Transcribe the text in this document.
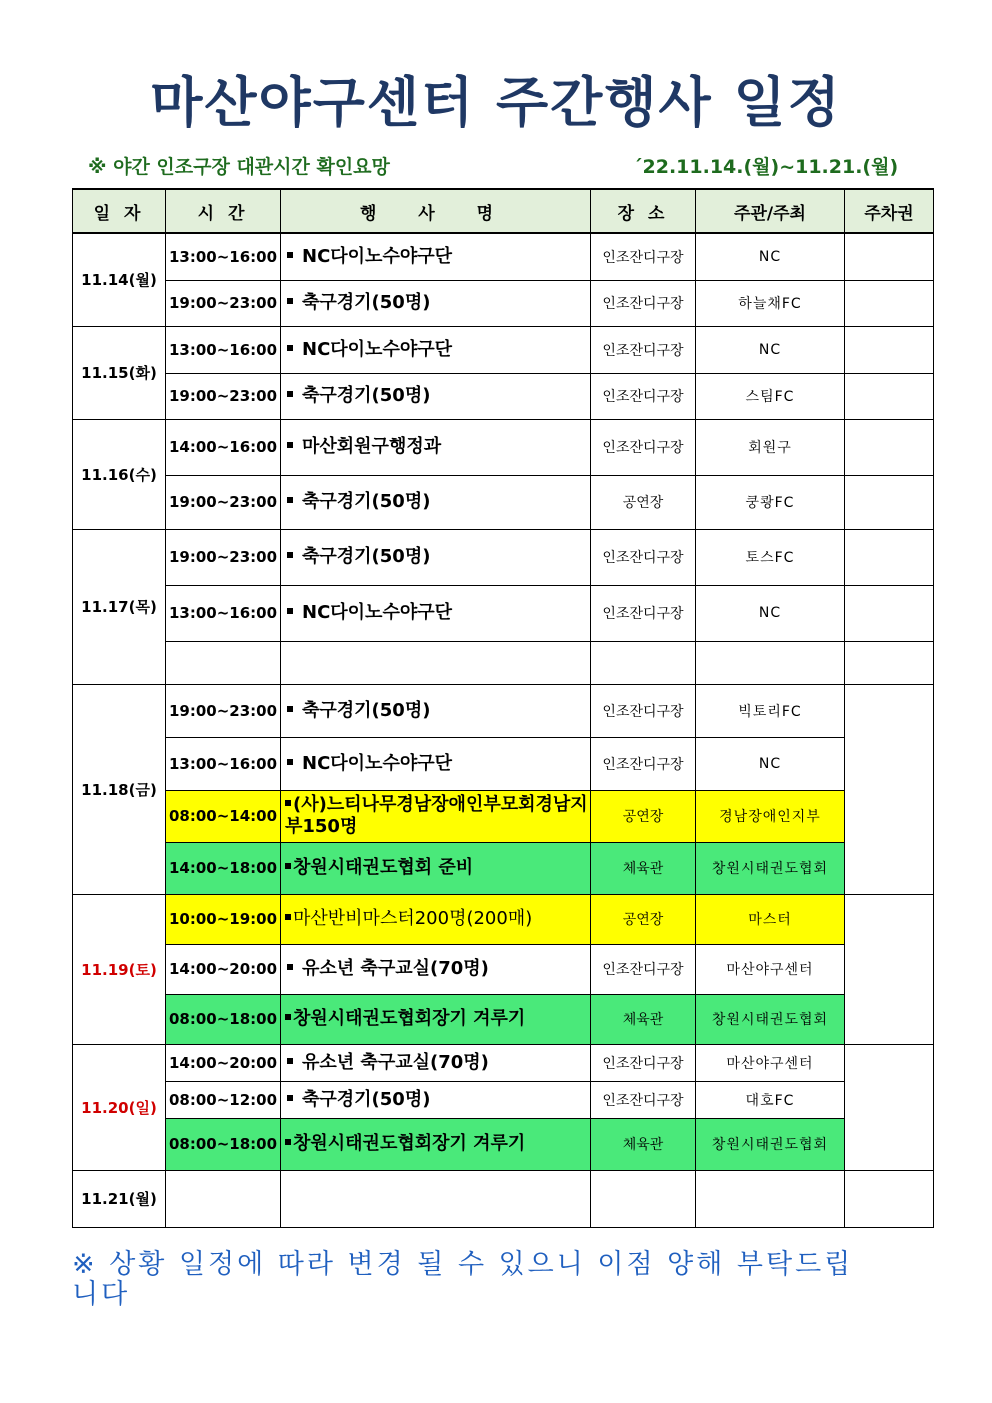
마산야구센터 주간행사 일정
※ 야간 인조구장 대관시간 확인요망	´22.11.14.(월)~11.21.(월)
일 자	시 간	행 사 명	장 소	주관/주최	주차권
11.14(월)	13:00~16:00	NC다이노수야구단	인조잔디구장	NC	
	19:00~23:00	축구경기(50명)	인조잔디구장	하늘채FC	
11.15(화)	13:00~16:00	NC다이노수야구단	인조잔디구장	NC	
	19:00~23:00	축구경기(50명)	인조잔디구장	스팀FC	
11.16(수)	14:00~16:00	마산회원구행정과	인조잔디구장	회원구	
	19:00~23:00	축구경기(50명)	공연장	쿵쾅FC	
11.17(목)	19:00~23:00	축구경기(50명)	인조잔디구장	토스FC	
	13:00~16:00	NC다이노수야구단	인조잔디구장	NC	

11.18(금)	19:00~23:00	축구경기(50명)	인조잔디구장	빅토리FC	
	13:00~16:00	NC다이노수야구단	인조잔디구장	NC	
	08:00~14:00	(사)느티나무경남장애인부모회경남지부150명	공연장	경남장애인지부	
	14:00~18:00	창원시태권도협회 준비	체육관	창원시태권도협회	
11.19(토)	10:00~19:00	마산반비마스터200명(200매)	공연장	마스터	
	14:00~20:00	유소년 축구교실(70명)	인조잔디구장	마산야구센터	
	08:00~18:00	창원시태권도협회장기 겨루기	체육관	창원시태권도협회	
11.20(일)	14:00~20:00	유소년 축구교실(70명)	인조잔디구장	마산야구센터	
	08:00~12:00	축구경기(50명)	인조잔디구장	대호FC	
	08:00~18:00	창원시태권도협회장기 겨루기	체육관	창원시태권도협회	
11.21(월)					
※ 상황 일정에 따라 변경 될 수 있으니 이점 양해 부탁드립니다
